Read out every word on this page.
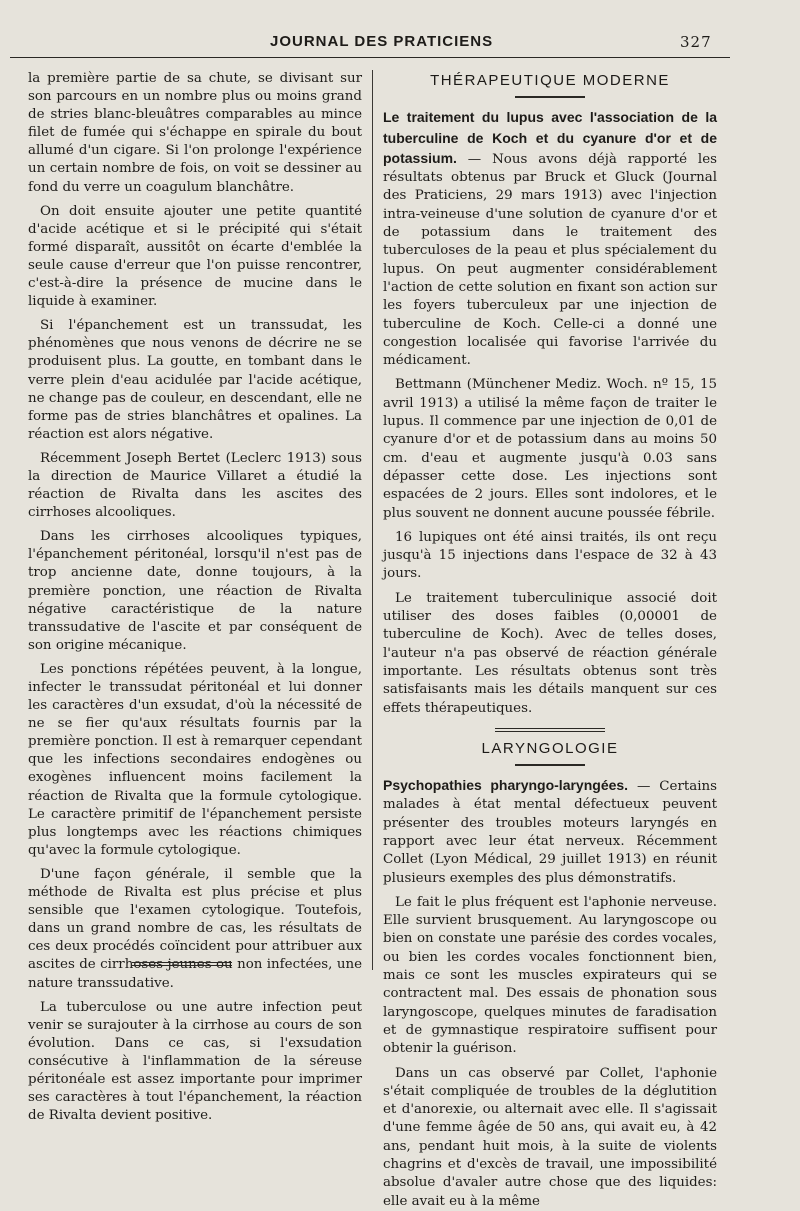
JOURNAL DES PRATICIENS	327

la première partie de sa chute, se divisant sur son parcours en un nombre plus ou moins grand de stries blanc-bleuâtres comparables au mince filet de fumée qui s'échappe en spirale du bout allumé d'un cigare. Si l'on prolonge l'expérience un certain nombre de fois, on voit se dessiner au fond du verre un coagulum blanchâtre.

On doit ensuite ajouter une petite quantité d'acide acétique et si le précipité qui s'était formé disparaît, aussitôt on écarte d'emblée la seule cause d'erreur que l'on puisse rencontrer, c'est-à-dire la présence de mucine dans le liquide à examiner.

Si l'épanchement est un transsudat, les phénomènes que nous venons de décrire ne se produisent plus. La goutte, en tombant dans le verre plein d'eau acidulée par l'acide acétique, ne change pas de couleur, en descendant, elle ne forme pas de stries blanchâtres et opalines. La réaction est alors négative.

Récemment Joseph Bertet (Leclerc 1913) sous la direction de Maurice Villaret a étudié la réaction de Rivalta dans les ascites des cirrhoses alcooliques.

Dans les cirrhoses alcooliques typiques, l'épanchement péritonéal, lorsqu'il n'est pas de trop ancienne date, donne toujours, à la première ponction, une réaction de Rivalta négative caractéristique de la nature transsudative de l'ascite et par conséquent de son origine mécanique.

Les ponctions répétées peuvent, à la longue, infecter le transsudat péritonéal et lui donner les caractères d'un exsudat, d'où la nécessité de ne se fier qu'aux résultats fournis par la première ponction. Il est à remarquer cependant que les infections secondaires endogènes ou exogènes influencent moins facilement la réaction de Rivalta que la formule cytologique. Le caractère primitif de l'épanchement persiste plus longtemps avec les réactions chimiques qu'avec la formule cytologique.

D'une façon générale, il semble que la méthode de Rivalta est plus précise et plus sensible que l'examen cytologique. Toutefois, dans un grand nombre de cas, les résultats de ces deux procédés coïncident pour attribuer aux ascites de cirrhoses jeunes ou non infectées, une nature transsudative.

La tuberculose ou une autre infection peut venir se surajouter à la cirrhose au cours de son évolution. Dans ce cas, si l'exsudation consécutive à l'inflammation de la séreuse péritonéale est assez importante pour imprimer ses caractères à tout l'épanchement, la réaction de Rivalta devient positive.

THÉRAPEUTIQUE MODERNE

Le traitement du lupus avec l'association de la tuberculine de Koch et du cyanure d'or et de potassium. — Nous avons déjà rapporté les résultats obtenus par Bruck et Gluck (Journal des Praticiens, 29 mars 1913) avec l'injection intra-veineuse d'une solution de cyanure d'or et de potassium dans le traitement des tuberculoses de la peau et plus spécialement du lupus. On peut augmenter considérablement l'action de cette solution en fixant son action sur les foyers tuberculeux par une injection de tuberculine de Koch. Celle-ci a donné une congestion localisée qui favorise l'arrivée du médicament.

Bettmann (Münchener Mediz. Woch. nº 15, 15 avril 1913) a utilisé la même façon de traiter le lupus. Il commence par une injection de 0,01 de cyanure d'or et de potassium dans au moins 50 cm. d'eau et augmente jusqu'à 0.03 sans dépasser cette dose. Les injections sont espacées de 2 jours. Elles sont indolores, et le plus souvent ne donnent aucune poussée fébrile.

16 lupiques ont été ainsi traités, ils ont reçu jusqu'à 15 injections dans l'espace de 32 à 43 jours.

Le traitement tuberculinique associé doit utiliser des doses faibles (0,00001 de tuberculine de Koch). Avec de telles doses, l'auteur n'a pas observé de réaction générale importante. Les résultats obtenus sont très satisfaisants mais les détails manquent sur ces effets thérapeutiques.

LARYNGOLOGIE

Psychopathies pharyngo-laryngées. — Certains malades à état mental défectueux peuvent présenter des troubles moteurs laryngés en rapport avec leur état nerveux. Récemment Collet (Lyon Médical, 29 juillet 1913) en réunit plusieurs exemples des plus démonstratifs.

Le fait le plus fréquent est l'aphonie nerveuse. Elle survient brusquement. Au laryngoscope ou bien on constate une parésie des cordes vocales, ou bien les cordes vocales fonctionnent bien, mais ce sont les muscles expirateurs qui se contractent mal. Des essais de phonation sous laryngoscope, quelques minutes de faradisation et de gymnastique respiratoire suffisent pour obtenir la guérison.

Dans un cas observé par Collet, l'aphonie s'était compliquée de troubles de la déglutition et d'anorexie, ou alternait avec elle. Il s'agissait d'une femme âgée de 50 ans, qui avait eu, à 42 ans, pendant huit mois, à la suite de violents chagrins et d'excès de travail, une impossibilité absolue d'avaler autre chose que des liquides: elle avait eu à la même
